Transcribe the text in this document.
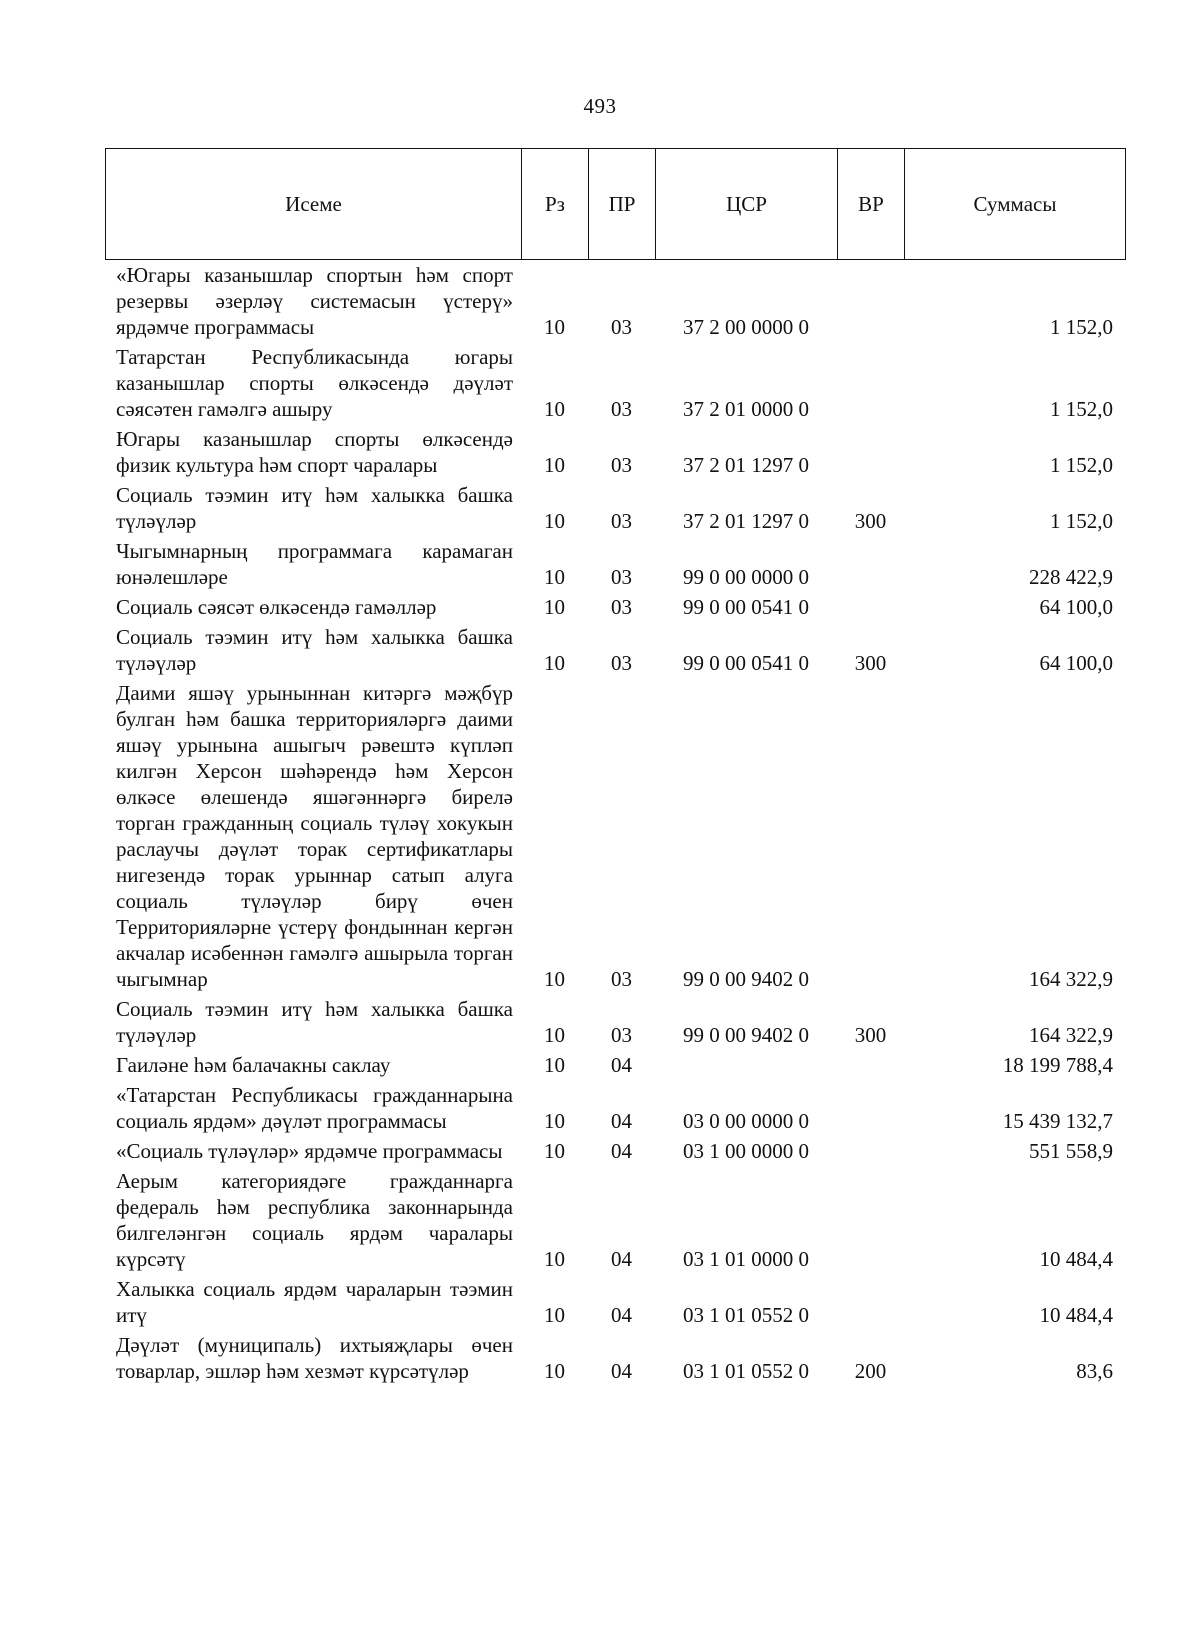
493
Исеме	Рз	ПР	ЦСР	ВР	Суммасы
«Югары казанышлар спортын һәм спорт резервы әзерләү системасын үстерү» ярдәмче программасы	10	03	37 2 00 0000 0		1 152,0
Татарстан Республикасында югары казанышлар спорты өлкәсендә дәүләт сәясәтен гамәлгә ашыру	10	03	37 2 01 0000 0		1 152,0
Югары казанышлар спорты өлкәсендә физик культура һәм спорт чаралары	10	03	37 2 01 1297 0		1 152,0
Социаль тәэмин итү һәм халыкка башка түләүләр	10	03	37 2 01 1297 0	300	1 152,0
Чыгымнарның программага карамаган юнәлешләре	10	03	99 0 00 0000 0		228 422,9
Социаль сәясәт өлкәсендә гамәлләр	10	03	99 0 00 0541 0		64 100,0
Социаль тәэмин итү һәм халыкка башка түләүләр	10	03	99 0 00 0541 0	300	64 100,0
Даими яшәү урыныннан китәргә мәҗбүр булган һәм башка территорияләргә даими яшәү урынына ашыгыч рәвештә күпләп килгән Херсон шәһәрендә һәм Херсон өлкәсе өлешендә яшәгәннәргә бирелә торган гражданның социаль түләү хокукын раслаучы дәүләт торак сертификатлары нигезендә торак урыннар сатып алуга социаль түләүләр бирү өчен Территорияләрне үстерү фондыннан кергән акчалар исәбеннән гамәлгә ашырыла торган чыгымнар	10	03	99 0 00 9402 0		164 322,9
Социаль тәэмин итү һәм халыкка башка түләүләр	10	03	99 0 00 9402 0	300	164 322,9
Гаиләне һәм балачакны саклау	10	04			18 199 788,4
«Татарстан Республикасы гражданнарына социаль ярдәм» дәүләт программасы	10	04	03 0 00 0000 0		15 439 132,7
«Социаль түләүләр» ярдәмче программасы	10	04	03 1 00 0000 0		551 558,9
Аерым категориядәге гражданнарга федераль һәм республика законнарында билгеләнгән социаль ярдәм чаралары күрсәтү	10	04	03 1 01 0000 0		10 484,4
Халыкка социаль ярдәм чараларын тәэмин итү	10	04	03 1 01 0552 0		10 484,4
Дәүләт (муниципаль) ихтыяҗлары өчен товарлар, эшләр һәм хезмәт күрсәтүләр	10	04	03 1 01 0552 0	200	83,6
